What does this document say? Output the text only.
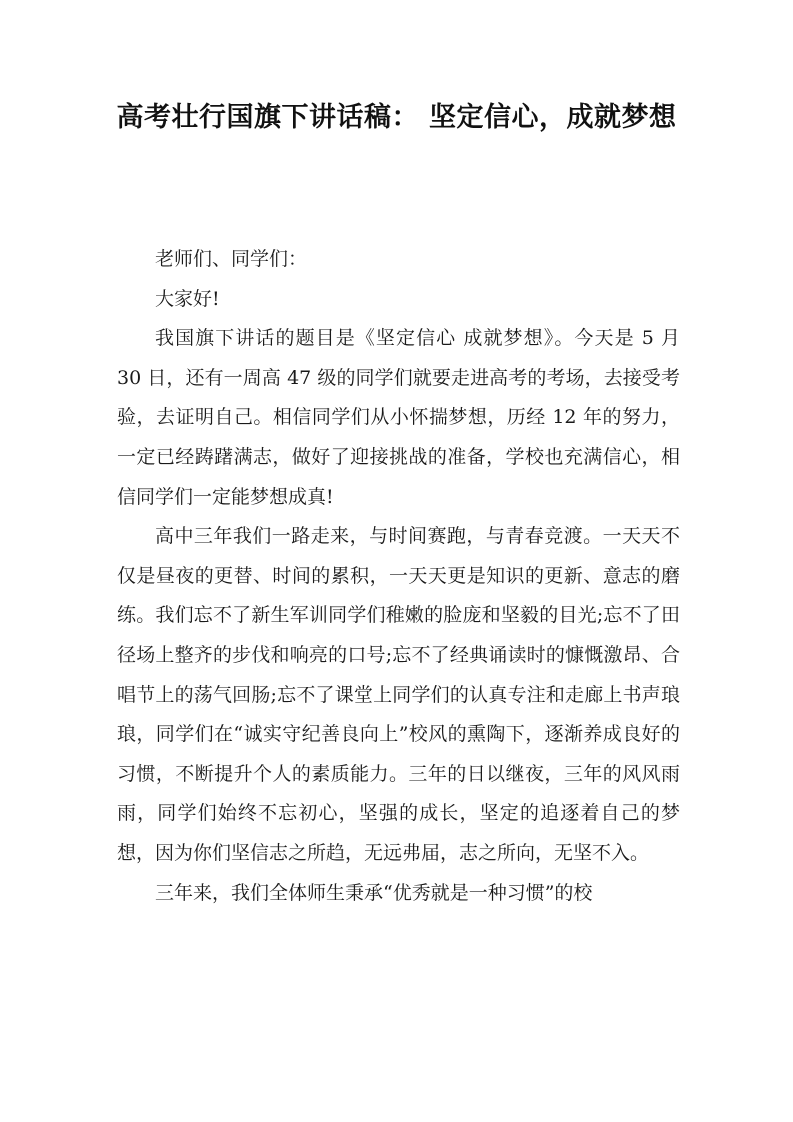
高考壮行国旗下讲话稿： 坚定信心，成就梦想

老师们、同学们：

大家好!

我国旗下讲话的题目是《坚定信心 成就梦想》。今天是 5 月 30 日，还有一周高 47 级的同学们就要走进高考的考场，去接受考验，去证明自己。相信同学们从小怀揣梦想，历经 12 年的努力，一定已经踌躇满志，做好了迎接挑战的准备，学校也充满信心，相信同学们一定能梦想成真!

高中三年我们一路走来，与时间赛跑，与青春竞渡。一天天不仅是昼夜的更替、时间的累积，一天天更是知识的更新、意志的磨练。我们忘不了新生军训同学们稚嫩的脸庞和坚毅的目光;忘不了田径场上整齐的步伐和响亮的口号;忘不了经典诵读时的慷慨激昂、合唱节上的荡气回肠;忘不了课堂上同学们的认真专注和走廊上书声琅琅，同学们在“诚实守纪善良向上”校风的熏陶下，逐渐养成良好的习惯，不断提升个人的素质能力。三年的日以继夜，三年的风风雨雨，同学们始终不忘初心，坚强的成长，坚定的追逐着自己的梦想，因为你们坚信志之所趋，无远弗届，志之所向，无坚不入。

三年来，我们全体师生秉承“优秀就是一种习惯”的校
